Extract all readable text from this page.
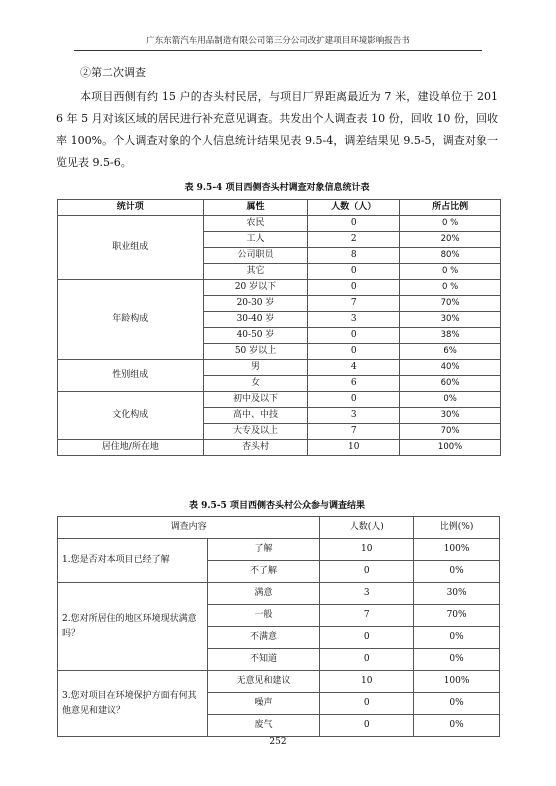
广东东箭汽车用品制造有限公司第三分公司改扩建项目环境影响报告书
②第二次调查
本项目西侧有约 15 户的杏头村民居，与项目厂界距离最近为 7 米，建设单位于 2016 年 5 月对该区域的居民进行补充意见调查。共发出个人调查表 10 份，回收 10 份，回收率 100%。个人调查对象的个人信息统计结果见表 9.5-4，调差结果见 9.5-5，调查对象一览见表 9.5-6。
表 9.5-4 项目西侧杏头村调查对象信息统计表
统计项	属性	人数（人）	所占比例
职业组成	农民	0	0 %
	工人	2	20%
	公司职员	8	80%
	其它	0	0 %
年龄构成	20 岁以下	0	0 %
	20-30 岁	7	70%
	30-40 岁	3	30%
	40-50 岁	0	38%
	50 岁以上	0	6%
性别组成	男	4	40%
	女	6	60%
文化构成	初中及以下	0	0%
	高中、中技	3	30%
	大专及以上	7	70%
居住地/所在地	杏头村	10	100%
表 9.5-5 项目西侧杏头村公众参与调查结果
调查内容		人数(人)	比例(%)
1.您是否对本项目已经了解	了解	10	100%
	不了解	0	0%
2.您对所居住的地区环境现状满意吗？	满意	3	30%
	一般	7	70%
	不满意	0	0%
	不知道	0	0%
3.您对项目在环境保护方面有何其他意见和建议？	无意见和建议	10	100%
	噪声	0	0%
	废气	0	0%
252
